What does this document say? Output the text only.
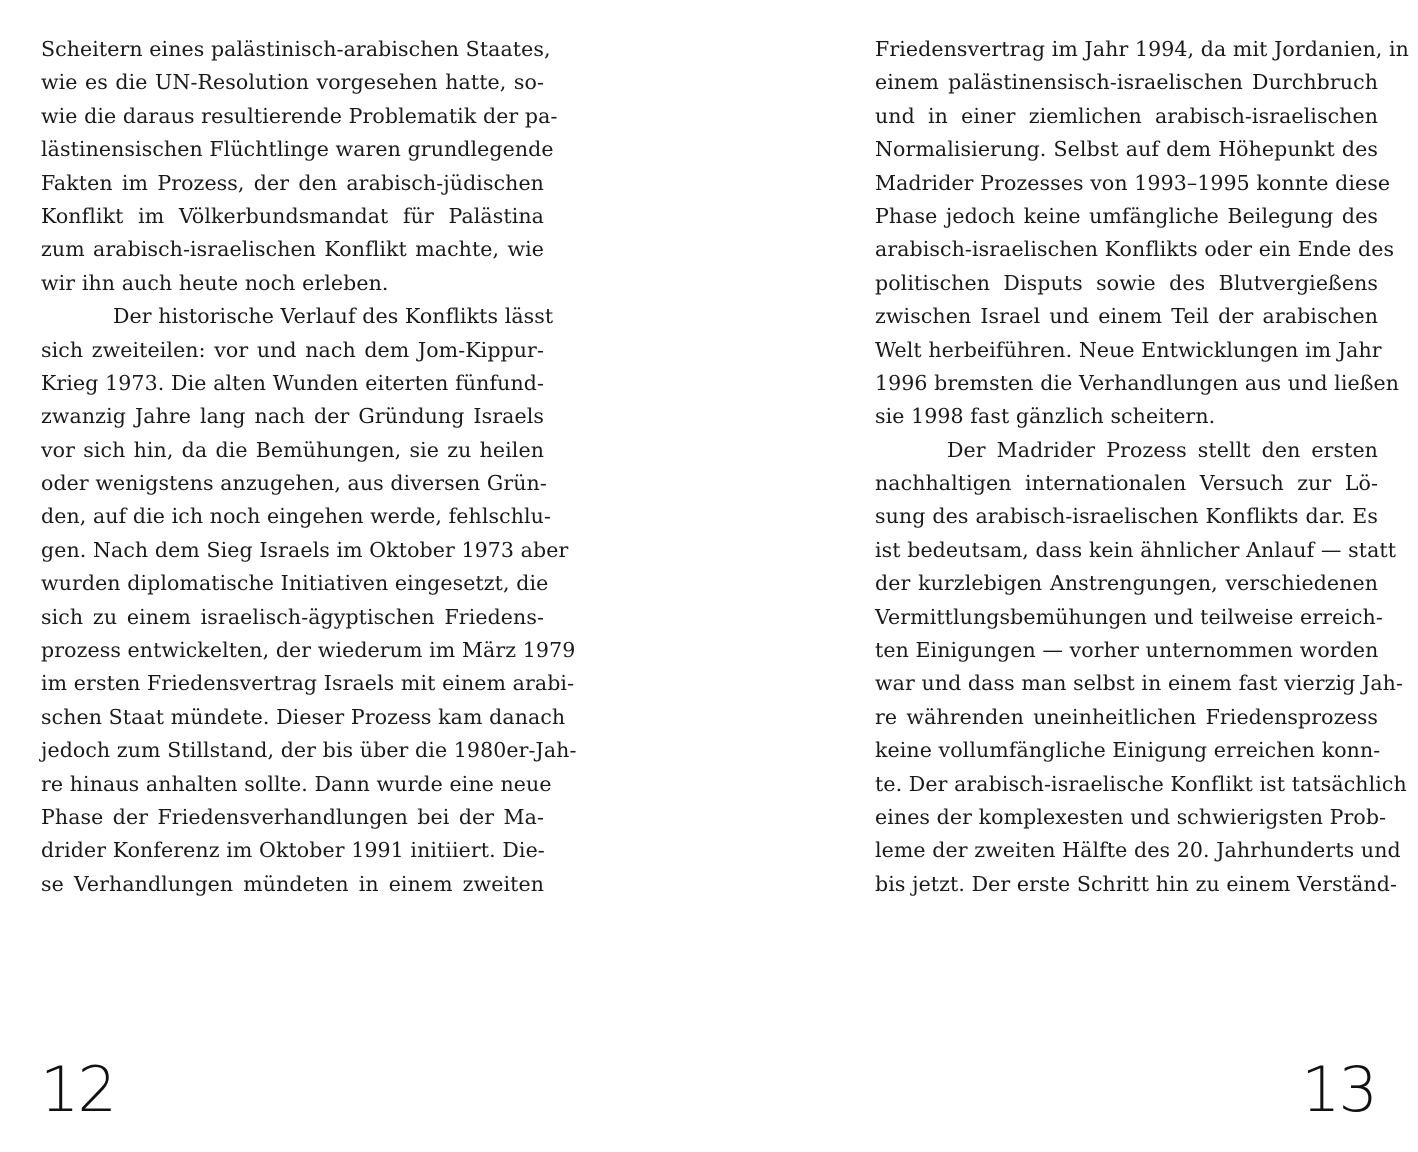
Scheitern eines palästinisch-arabischen Staates,
wie es die UN-Resolution vorgesehen hatte, so-
wie die daraus resultierende Problematik der pa-
lästinensischen Flüchtlinge waren grundlegende
Fakten im Prozess, der den arabisch-jüdischen
Konflikt im Völkerbundsmandat für Palästina
zum arabisch-israelischen Konflikt machte, wie
wir ihn auch heute noch erleben.
Der historische Verlauf des Konflikts lässt
sich zweiteilen: vor und nach dem Jom-Kippur-
Krieg 1973. Die alten Wunden eiterten fünfund-
zwanzig Jahre lang nach der Gründung Israels
vor sich hin, da die Bemühungen, sie zu heilen
oder wenigstens anzugehen, aus diversen Grün-
den, auf die ich noch eingehen werde, fehlschlu-
gen. Nach dem Sieg Israels im Oktober 1973 aber
wurden diplomatische Initiativen eingesetzt, die
sich zu einem israelisch-ägyptischen Friedens-
prozess entwickelten, der wiederum im März 1979
im ersten Friedensvertrag Israels mit einem arabi-
schen Staat mündete. Dieser Prozess kam danach
jedoch zum Stillstand, der bis über die 1980er-Jah-
re hinaus anhalten sollte. Dann wurde eine neue
Phase der Friedensverhandlungen bei der Ma-
drider Konferenz im Oktober 1991 initiiert. Die-
se Verhandlungen mündeten in einem zweiten
12
Friedensvertrag im Jahr 1994, da mit Jordanien, in
einem palästinensisch-israelischen Durchbruch
und in einer ziemlichen arabisch-israelischen
Normalisierung. Selbst auf dem Höhepunkt des
Madrider Prozesses von 1993–1995 konnte diese
Phase jedoch keine umfängliche Beilegung des
arabisch-israelischen Konflikts oder ein Ende des
politischen Disputs sowie des Blutvergießens
zwischen Israel und einem Teil der arabischen
Welt herbeiführen. Neue Entwicklungen im Jahr
1996 bremsten die Verhandlungen aus und ließen
sie 1998 fast gänzlich scheitern.
Der Madrider Prozess stellt den ersten
nachhaltigen internationalen Versuch zur Lö-
sung des arabisch-israelischen Konflikts dar. Es
ist bedeutsam, dass kein ähnlicher Anlauf — statt
der kurzlebigen Anstrengungen, verschiedenen
Vermittlungsbemühungen und teilweise erreich-
ten Einigungen — vorher unternommen worden
war und dass man selbst in einem fast vierzig Jah-
re währenden uneinheitlichen Friedensprozess
keine vollumfängliche Einigung erreichen konn-
te. Der arabisch-israelische Konflikt ist tatsächlich
eines der komplexesten und schwierigsten Prob-
leme der zweiten Hälfte des 20. Jahrhunderts und
bis jetzt. Der erste Schritt hin zu einem Verständ-
13
